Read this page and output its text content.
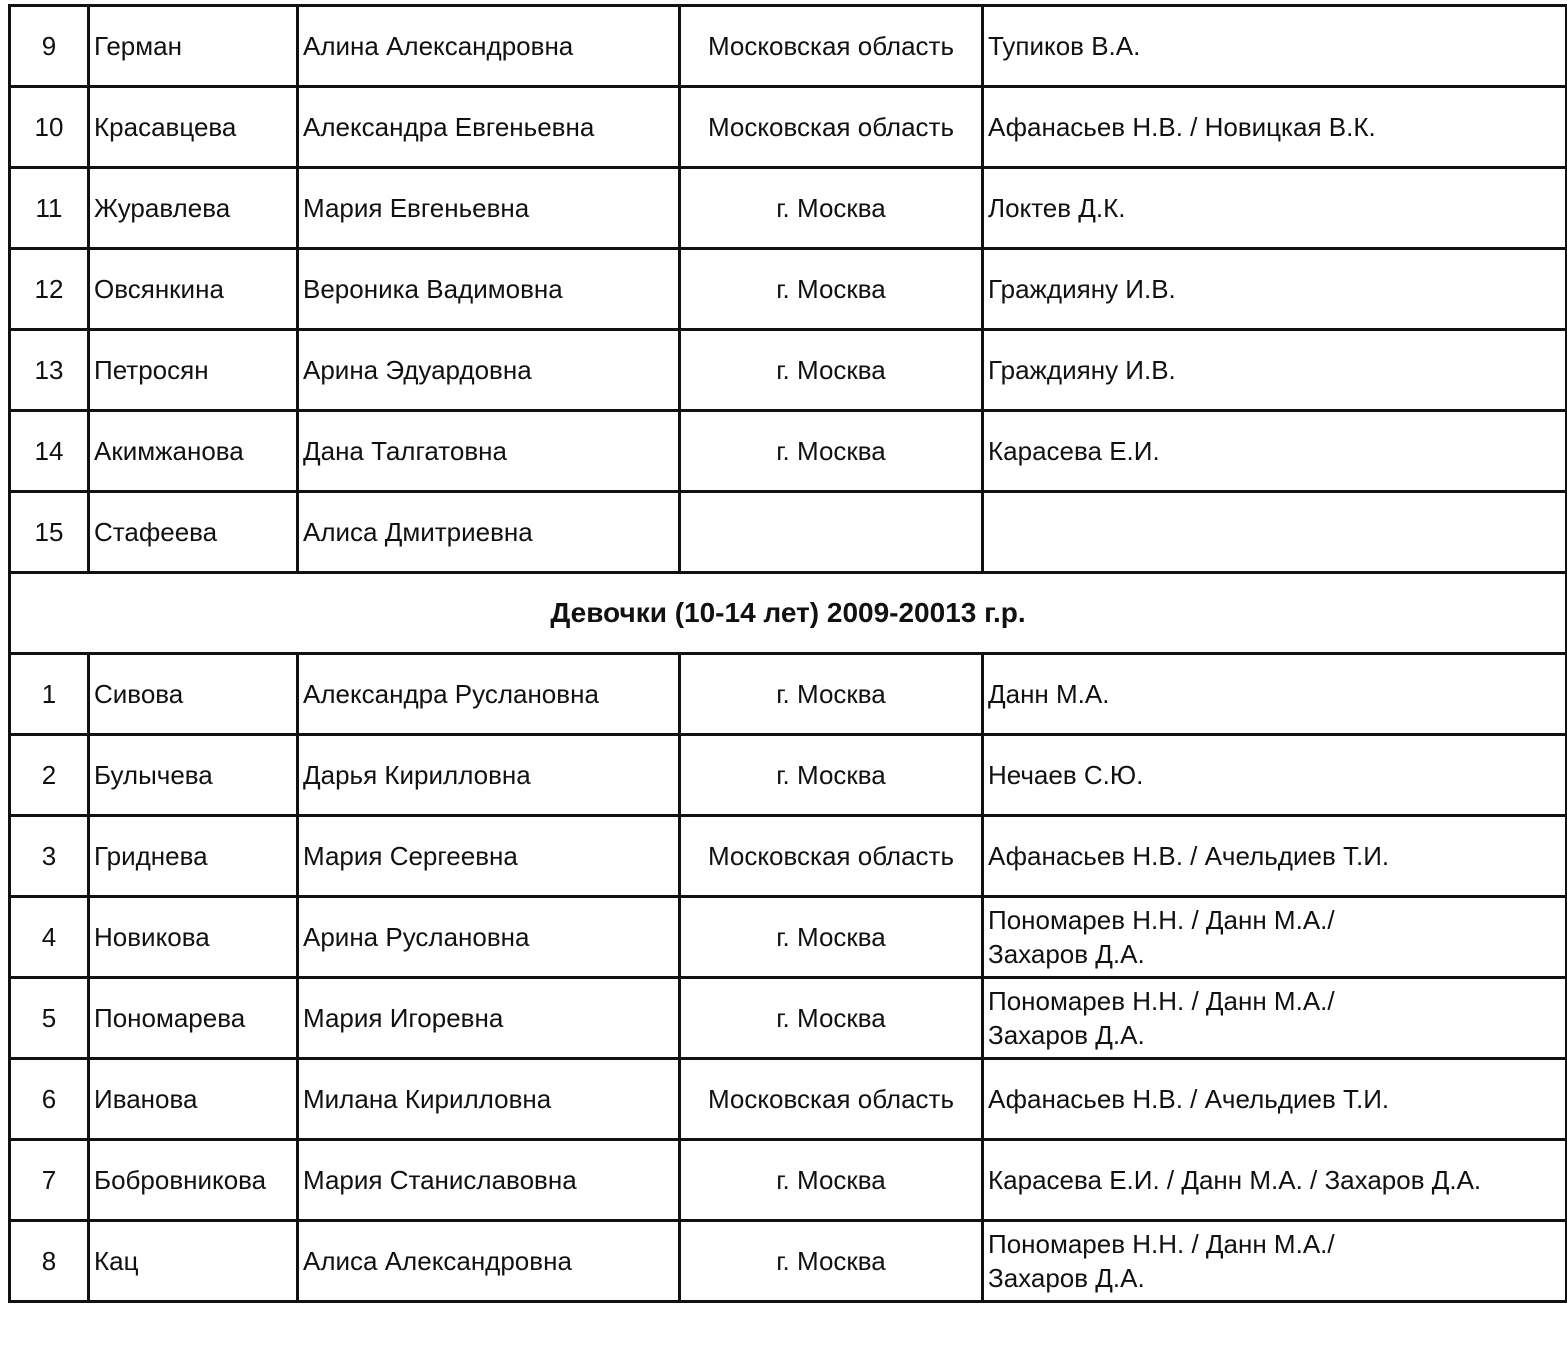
9	Герман	Алина Александровна	Московская область	Тупиков В.А.

10	Красавцева	Александра Евгеньевна	Московская область	Афанасьев Н.В. / Новицкая В.К.

11	Журавлева	Мария Евгеньевна	г. Москва	Локтев Д.К.

12	Овсянкина	Вероника Вадимовна	г. Москва	Граждияну И.В.

13	Петросян	Арина Эдуардовна	г. Москва	Граждияну И.В.

14	Акимжанова	Дана Талгатовна	г. Москва	Карасева Е.И.

15	Стафеева	Алиса Дмитриевна		

Девочки (10-14 лет) 2009-20013 г.р.				
1	Сивова	Александра Руслановна	г. Москва	Данн М.А.

2	Булычева	Дарья Кирилловна	г. Москва	Нечаев С.Ю.

3	Гриднева	Мария Сергеевна	Московская область	Афанасьев Н.В. / Ачельдиев Т.И.

4	Новикова	Арина Руслановна	г. Москва	Пономарев Н.Н. / Данн М.А./
Захаров Д.А.

5	Пономарева	Мария Игоревна	г. Москва	Пономарев Н.Н. / Данн М.А./
Захаров Д.А.

6	Иванова	Милана Кирилловна	Московская область	Афанасьев Н.В. / Ачельдиев Т.И.

7	Бобровникова	Мария Станиславовна	г. Москва	Карасева Е.И. / Данн М.А. / Захаров Д.А.

8	Кац	Алиса Александровна	г. Москва	Пономарев Н.Н. / Данн М.А./
Захаров Д.А.
